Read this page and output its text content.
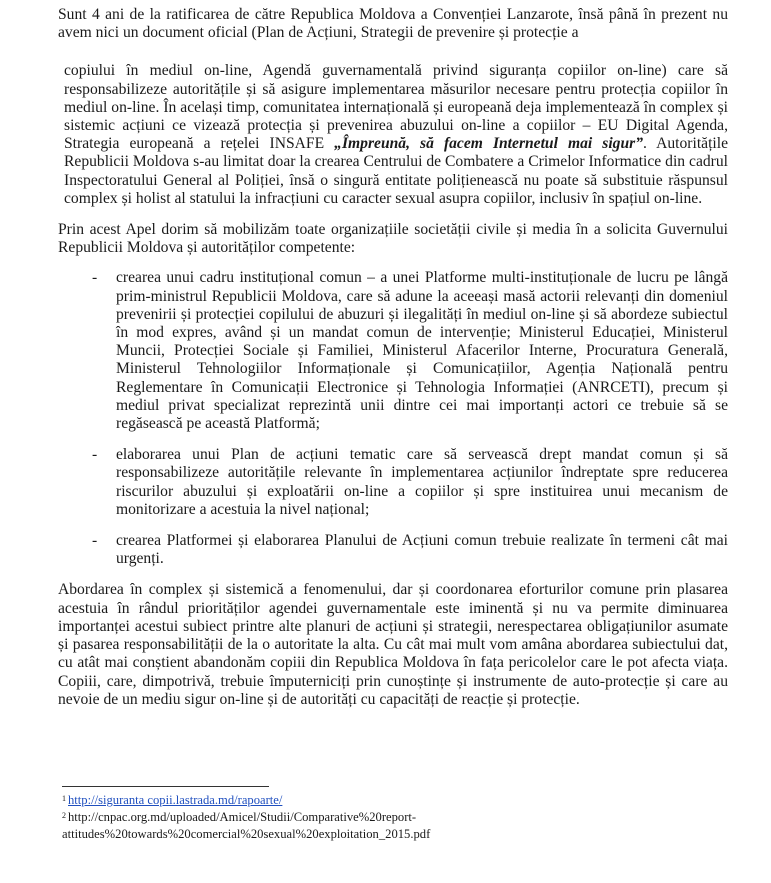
Sunt 4 ani de la ratificarea de către Republica Moldova a Convenției Lanzarote, însă până în prezent nu avem nici un document oficial (Plan de Acțiuni, Strategii de prevenire și protecție a

copiului în mediul on-line, Agendă guvernamentală privind siguranța copiilor on-line) care să responsabilizeze autoritățile și să asigure implementarea măsurilor necesare pentru protecția copiilor în mediul on-line. În același timp, comunitatea internațională și europeană deja implementează în complex și sistemic acțiuni ce vizează protecția și prevenirea abuzului on-line a copiilor – EU Digital Agenda, Strategia europeană a rețelei INSAFE „Împreună, să facem Internetul mai sigur”. Autoritățile Republicii Moldova s-au limitat doar la crearea Centrului de Combatere a Crimelor Informatice din cadrul Inspectoratului General al Poliției, însă o singură entitate polițienească nu poate să substituie răspunsul complex și holist al statului la infracțiuni cu caracter sexual asupra copiilor, inclusiv în spațiul on-line.

Prin acest Apel dorim să mobilizăm toate organizațiile societății civile și media în a solicita Guvernului Republicii Moldova și autorităților competente:

- crearea unui cadru instituțional comun – a unei Platforme multi-instituționale de lucru pe lângă prim-ministrul Republicii Moldova, care să adune la aceeași masă actorii relevanți din domeniul prevenirii și protecției copilului de abuzuri și ilegalități în mediul on-line și să abordeze subiectul în mod expres, având și un mandat comun de intervenție; Ministerul Educației, Ministerul Muncii, Protecției Sociale și Familiei, Ministerul Afacerilor Interne, Procuratura Generală, Ministerul Tehnologiilor Informaționale și Comunicațiilor, Agenția Națională pentru Reglementare în Comunicații Electronice și Tehnologia Informației (ANRCETI), precum și mediul privat specializat reprezintă unii dintre cei mai importanți actori ce trebuie să se regăsească pe această Platformă;
- elaborarea unui Plan de acțiuni tematic care să servească drept mandat comun și să responsabilizeze autoritățile relevante în implementarea acțiunilor îndreptate spre reducerea riscurilor abuzului și exploatării on-line a copiilor și spre instituirea unui mecanism de monitorizare a acestuia la nivel național;
- crearea Platformei și elaborarea Planului de Acțiuni comun trebuie realizate în termeni cât mai urgenți.

Abordarea în complex și sistemică a fenomenului, dar și coordonarea eforturilor comune prin plasarea acestuia în rândul priorităților agendei guvernamentale este iminentă și nu va permite diminuarea importanței acestui subiect printre alte planuri de acțiuni și strategii, nerespectarea obligațiunilor asumate și pasarea responsabilității de la o autoritate la alta. Cu cât mai mult vom amâna abordarea subiectului dat, cu atât mai conștient abandonăm copiii din Republica Moldova în fața pericolelor care le pot afecta viața. Copiii, care, dimpotrivă, trebuie împuterniciți prin cunoștințe și instrumente de auto-protecție și care au nevoie de un mediu sigur on-line și de autorități cu capacități de reacție și protecție.

$^1$ http://siguranta copii.lastrada.md/rapoarte/

$^2$ http://cnpac.org.md/uploaded/Amicel/Studii/Comparative%20report-attitudes%20towards%20comercial%20sexual%20exploitation_2015.pdf
